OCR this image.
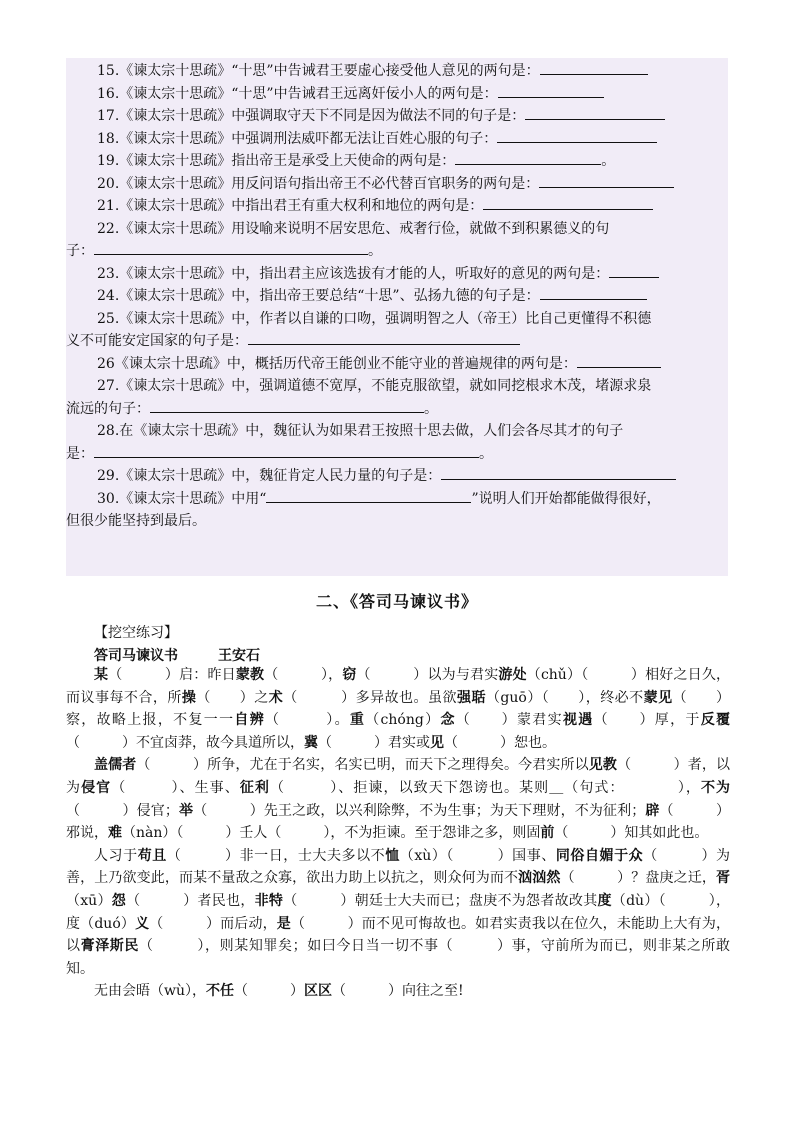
15.《谏太宗十思疏》“十思”中告诫君王要虚心接受他人意见的两句是：
16.《谏太宗十思疏》“十思”中告诫君王远离奸佞小人的两句是：
17.《谏太宗十思疏》中强调取守天下不同是因为做法不同的句子是：
18.《谏太宗十思疏》中强调刑法威吓都无法让百姓心服的句子：
19.《谏太宗十思疏》指出帝王是承受上天使命的两句是：	。
20.《谏太宗十思疏》用反问语句指出帝王不必代替百官职务的两句是：
21.《谏太宗十思疏》中指出君王有重大权利和地位的两句是：
22.《谏太宗十思疏》用设喻来说明不居安思危、戒奢行俭，就做不到积累德义的句
子：	。
23.《谏太宗十思疏》中，指出君主应该选拔有才能的人，听取好的意见的两句是：
24.《谏太宗十思疏》中，指出帝王要总结“十思”、弘扬九德的句子是：
25.《谏太宗十思疏》中，作者以自谦的口吻，强调明智之人（帝王）比自己更懂得不积德
义不可能安定国家的句子是：
26《谏太宗十思疏》中，概括历代帝王能创业不能守业的普遍规律的两句是：
27.《谏太宗十思疏》中，强调道德不宽厚，不能克服欲望，就如同挖根求木茂，堵源求泉
流远的句子：	。
28.在《谏太宗十思疏》中，魏征认为如果君王按照十思去做，人们会各尽其才的句子
是：	。
29.《谏太宗十思疏》中，魏征肯定人民力量的句子是：
30.《谏太宗十思疏》中用“	”说明人们开始都能做得很好，
但很少能坚持到最后。
二、《答司马谏议书》
【挖空练习】
答司马谏议书	王安石

某（　　　）启：昨日蒙教（　　　），窃（　　　）以为与君实游处（chǔ）（　　　）相好之日久，而议事每不合，所操（　　）之术（　　　）多异故也。虽欲强聒（guō）（　　），终必不蒙见（　　）察，故略上报，不复一一自辨（　　　）。重（chóng）念（　　）蒙君实视遇（　　）厚，于反覆（　　　）不宜卤莽，故今具道所以，冀（　　　）君实或见（　　　）恕也。

盖儒者（　　　）所争，尤在于名实，名实已明，而天下之理得矣。今君实所以见教（　　　）者，以为侵官（　　　）、生事、征利（　　　）、拒谏，以致天下怨谤也。某则＿（句式：　　　　），不为（　　　）侵官；举（　　　）先王之政，以兴利除弊，不为生事；为天下理财，不为征利；辟（　　　）邪说，难（nàn）（　　　）壬人（　　　），不为拒谏。至于怨诽之多，则固前（　　　）知其如此也。

人习于苟且（　　　）非一日，士大夫多以不恤（xù）（　　　）国事、同俗自媚于众（　　　）为善，上乃欲变此，而某不量敌之众寡，欲出力助上以抗之，则众何为而不汹汹然（　　　）？盘庚之迁，胥（xū）怨（　　　）者民也，非特（　　　）朝廷士大夫而已；盘庚不为怨者故改其度（dù）（　　　），度（duó）义（　　　）而后动，是（　　　）而不见可悔故也。如君实责我以在位久，未能助上大有为，以膏泽斯民（　　　），则某知罪矣；如曰今日当一切不事（　　　）事，守前所为而已，则非某之所敢知。

无由会晤（wù），不任（　　　）区区（　　　）向往之至!
